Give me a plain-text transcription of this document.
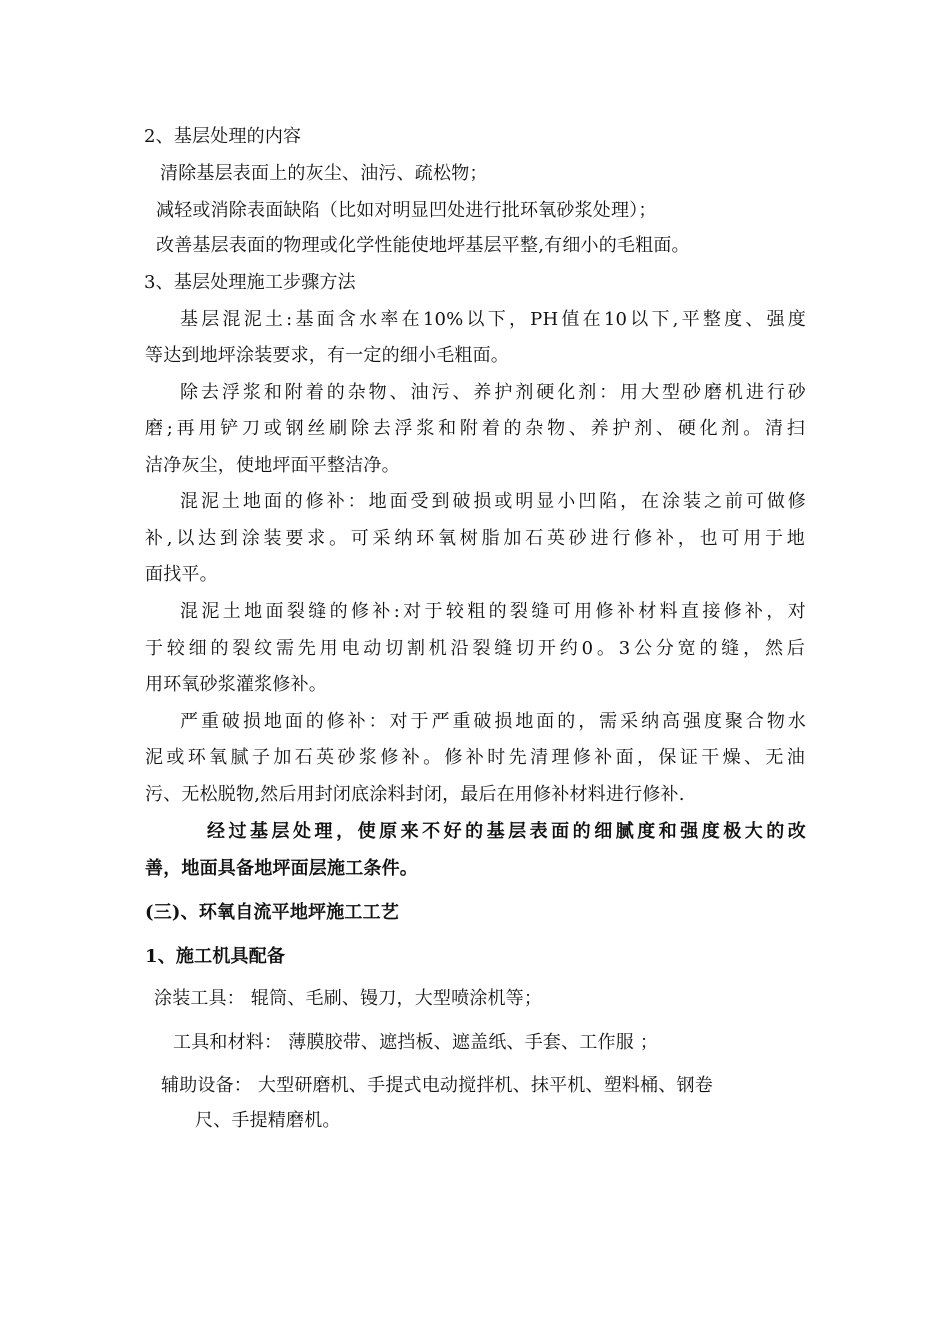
2、基层处理的内容
清除基层表面上的灰尘、油污、疏松物；
减轻或消除表面缺陷（比如对明显凹处进行批环氧砂浆处理）；
改善基层表面的物理或化学性能使地坪基层平整,有细小的毛粗面。
3、基层处理施工步骤方法
基层混泥土:基面含水率在10%以下，PH值在10以下,平整度、强度
等达到地坪涂装要求，有一定的细小毛粗面。
除去浮浆和附着的杂物、油污、养护剂硬化剂：用大型砂磨机进行砂
磨;再用铲刀或钢丝刷除去浮浆和附着的杂物、养护剂、硬化剂。清扫
洁净灰尘，使地坪面平整洁净。
混泥土地面的修补：地面受到破损或明显小凹陷，在涂装之前可做修
补,以达到涂装要求。可采纳环氧树脂加石英砂进行修补，也可用于地
面找平。
混泥土地面裂缝的修补:对于较粗的裂缝可用修补材料直接修补，对
于较细的裂纹需先用电动切割机沿裂缝切开约0。3公分宽的缝，然后
用环氧砂浆灌浆修补。
严重破损地面的修补：对于严重破损地面的，需采纳高强度聚合物水
泥或环氧腻子加石英砂浆修补。修补时先清理修补面，保证干燥、无油
污、无松脱物,然后用封闭底涂料封闭，最后在用修补材料进行修补.
经过基层处理，使原来不好的基层表面的细腻度和强度极大的改
善，地面具备地坪面层施工条件。
(三)、环氧自流平地坪施工工艺
1、施工机具配备
涂装工具： 辊筒、毛刷、镘刀，大型喷涂机等；
工具和材料： 薄膜胶带、遮挡板、遮盖纸、手套、工作服 ；
辅助设备： 大型研磨机、手提式电动搅拌机、抹平机、塑料桶、钢卷
尺、手提精磨机。
